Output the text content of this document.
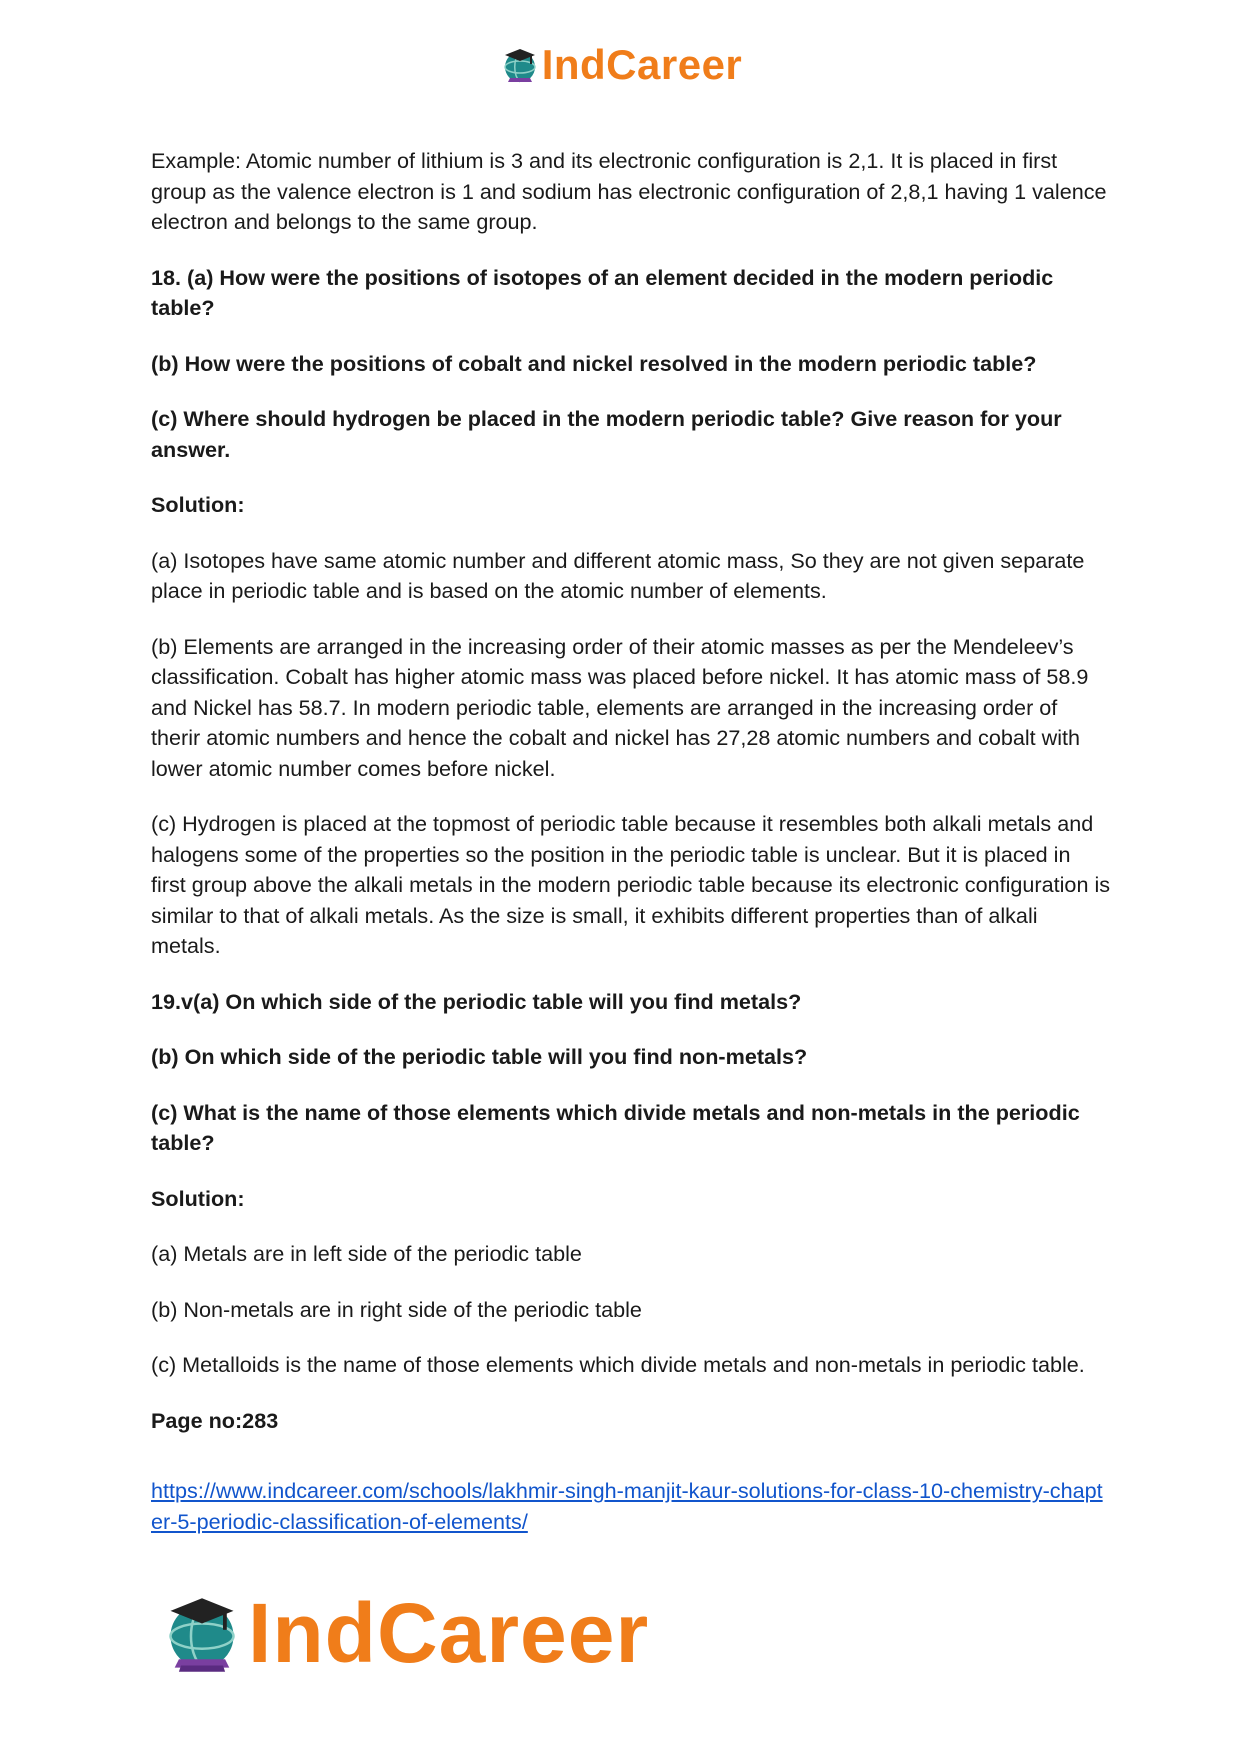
IndCareer

Example: Atomic number of lithium is 3 and its electronic configuration is 2,1. It is placed in first group as the valence electron is 1 and sodium has electronic configuration of 2,8,1 having 1 valence electron and belongs to the same group.

18. (a) How were the positions of isotopes of an element decided in the modern periodic table?

(b) How were the positions of cobalt and nickel resolved in the modern periodic table?

(c) Where should hydrogen be placed in the modern periodic table? Give reason for your answer.

Solution:

(a) Isotopes have same atomic number and different atomic mass, So they are not given separate place in periodic table and is based on the atomic number of elements.

(b) Elements are arranged in the increasing order of their atomic masses as per the Mendeleev’s classification. Cobalt has higher atomic mass was placed before nickel. It has atomic mass of 58.9 and Nickel has 58.7. In modern periodic table, elements are arranged in the increasing order of therir atomic numbers and hence the cobalt and nickel has 27,28 atomic numbers and cobalt with lower atomic number comes before nickel.

(c) Hydrogen is placed at the topmost of periodic table because it resembles both alkali metals and halogens some of the properties so the position in the periodic table is unclear. But it is placed in first group above the alkali metals in the modern periodic table because its electronic configuration is similar to that of alkali metals. As the size is small, it exhibits different properties than of alkali metals.

19.v(a) On which side of the periodic table will you find metals?

(b) On which side of the periodic table will you find non-metals?

(c) What is the name of those elements which divide metals and non-metals in the periodic table?

Solution:

(a) Metals are in left side of the periodic table

(b) Non-metals are in right side of the periodic table

(c) Metalloids is the name of those elements which divide metals and non-metals in periodic table.

Page no:283

https://www.indcareer.com/schools/lakhmir-singh-manjit-kaur-solutions-for-class-10-chemistry-chapter-5-periodic-classification-of-elements/

IndCareer
